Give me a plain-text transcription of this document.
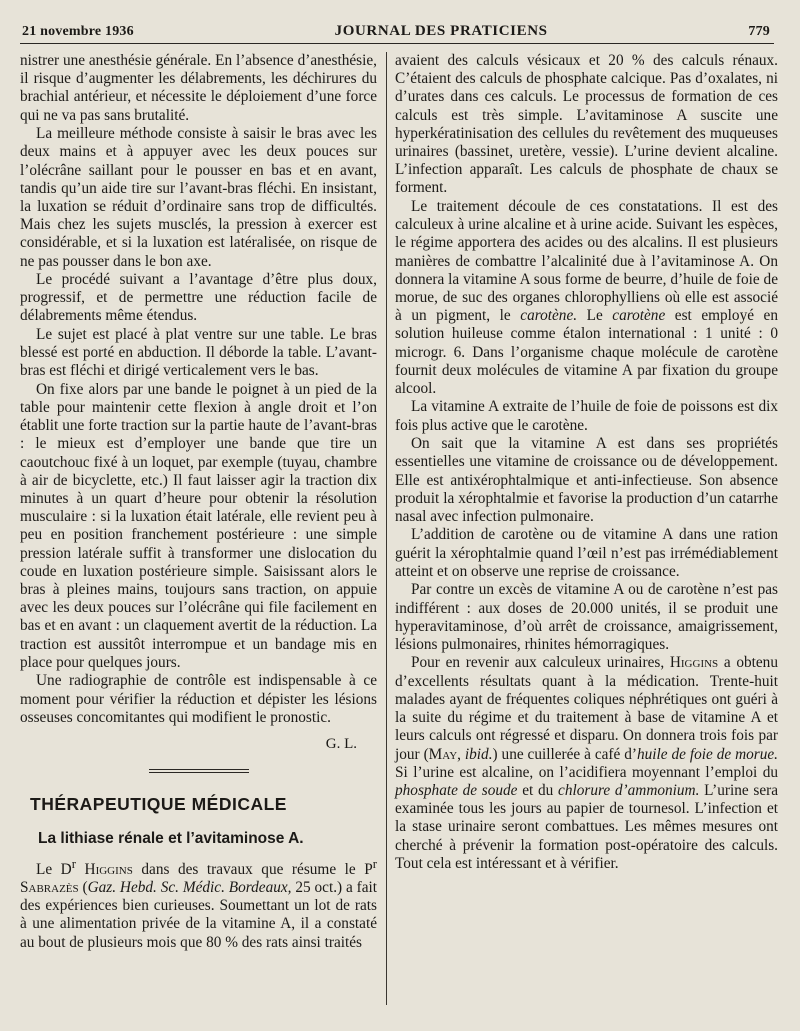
21 novembre 1936	JOURNAL DES PRATICIENS	779

nistrer une anesthésie générale. En l’absence d’anesthésie, il risque d’augmenter les délabrements, les déchirures du brachial antérieur, et nécessite le déploiement d’une force qui ne va pas sans brutalité.

La meilleure méthode consiste à saisir le bras avec les deux mains et à appuyer avec les deux pouces sur l’olécrâne saillant pour le pousser en bas et en avant, tandis qu’un aide tire sur l’avant-bras fléchi. En insistant, la luxation se réduit d’ordinaire sans trop de difficultés. Mais chez les sujets musclés, la pression à exercer est considérable, et si la luxation est latéralisée, on risque de ne pas pousser dans le bon axe.

Le procédé suivant a l’avantage d’être plus doux, progressif, et de permettre une réduction facile de délabrements même étendus.

Le sujet est placé à plat ventre sur une table. Le bras blessé est porté en abduction. Il déborde la table. L’avant-bras est fléchi et dirigé verticalement vers le bas.

On fixe alors par une bande le poignet à un pied de la table pour maintenir cette flexion à angle droit et l’on établit une forte traction sur la partie haute de l’avant-bras : le mieux est d’employer une bande que tire un caoutchouc fixé à un loquet, par exemple (tuyau, chambre à air de bicyclette, etc.) Il faut laisser agir la traction dix minutes à un quart d’heure pour obtenir la résolution musculaire : si la luxation était latérale, elle revient peu à peu en position franchement postérieure : une simple pression latérale suffit à transformer une dislocation du coude en luxation postérieure simple. Saisissant alors le bras à pleines mains, toujours sans traction, on appuie avec les deux pouces sur l’olécrâne qui file facilement en bas et en avant : un claquement avertit de la réduction. La traction est aussitôt interrompue et un bandage mis en place pour quelques jours.

Une radiographie de contrôle est indispensable à ce moment pour vérifier la réduction et dépister les lésions osseuses concomitantes qui modifient le pronostic.

G. L.
THÉRAPEUTIQUE MÉDICALE
La lithiase rénale et l’avitaminose A.

Le $D^r$ Higgins dans des travaux que résume le $P^r$ Sabrazès (Gaz. Hebd. Sc. Médic. Bordeaux, 25 oct.) a fait des expériences bien curieuses. Soumettant un lot de rats à une alimentation privée de la vitamine A, il a constaté au bout de plusieurs mois que 80 % des rats ainsi traités

avaient des calculs vésicaux et 20 % des calculs rénaux. C’étaient des calculs de phosphate calcique. Pas d’oxalates, ni d’urates dans ces calculs. Le processus de formation de ces calculs est très simple. L’avitaminose A suscite une hyperkératinisation des cellules du revêtement des muqueuses urinaires (bassinet, uretère, vessie). L’urine devient alcaline. L’infection apparaît. Les calculs de phosphate de chaux se forment.

Le traitement découle de ces constatations. Il est des calculeux à urine alcaline et à urine acide. Suivant les espèces, le régime apportera des acides ou des alcalins. Il est plusieurs manières de combattre l’alcalinité due à l’avitaminose A. On donnera la vitamine A sous forme de beurre, d’huile de foie de morue, de suc des organes chlorophylliens où elle est associé à un pigment, le carotène. Le carotène est employé en solution huileuse comme étalon international : 1 unité : 0 microgr. 6. Dans l’organisme chaque molécule de carotène fournit deux molécules de vitamine A par fixation du groupe alcool.

La vitamine A extraite de l’huile de foie de poissons est dix fois plus active que le carotène.

On sait que la vitamine A est dans ses propriétés essentielles une vitamine de croissance ou de développement. Elle est antixérophtalmique et anti-infectieuse. Son absence produit la xérophtalmie et favorise la production d’un catarrhe nasal avec infection pulmonaire.

L’addition de carotène ou de vitamine A dans une ration guérit la xérophtalmie quand l’œil n’est pas irrémédiablement atteint et on observe une reprise de croissance.

Par contre un excès de vitamine A ou de carotène n’est pas indifférent : aux doses de 20.000 unités, il se produit une hyperavitaminose, d’où arrêt de croissance, amaigrissement, lésions pulmonaires, rhinites hémorragiques.

Pour en revenir aux calculeux urinaires, Higgins a obtenu d’excellents résultats quant à la médication. Trente-huit malades ayant de fréquentes coliques néphrétiques ont guéri à la suite du régime et du traitement à base de vitamine A et leurs calculs ont régressé et disparu. On donnera trois fois par jour (May, ibid.) une cuillerée à café d’huile de foie de morue. Si l’urine est alcaline, on l’acidifiera moyennant l’emploi du phosphate de soude et du chlorure d’ammonium. L’urine sera examinée tous les jours au papier de tournesol. L’infection et la stase urinaire seront combattues. Les mêmes mesures ont cherché à prévenir la formation post-opératoire des calculs. Tout cela est intéressant et à vérifier.
